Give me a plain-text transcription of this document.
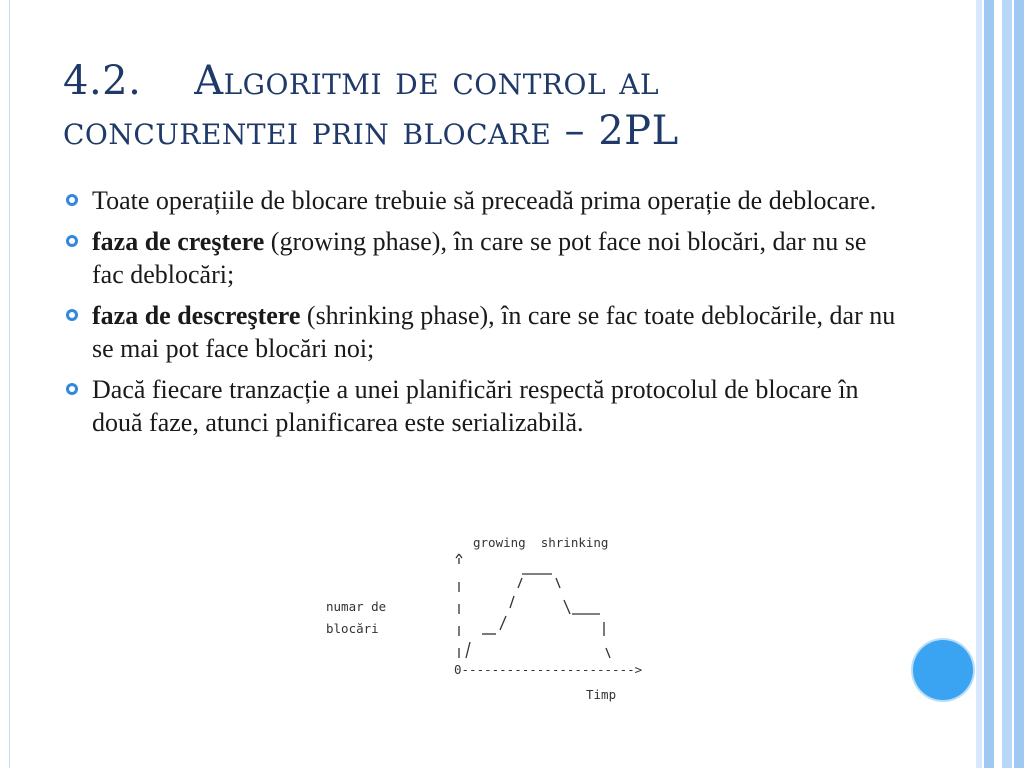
4.2.    Algoritmi de control al
concurentei prin blocare – 2PL
Toate operațiile de blocare trebuie să preceadă prima operație de deblocare.
faza de creştere (growing phase), în care se pot face noi blocări, dar nu se fac deblocări;
faza de descreştere (shrinking phase), în care se fac toate deblocările, dar nu se mai pot face blocări noi;
Dacă fiecare tranzacție a unei planificări respectă protocolul de blocare în două faze, atunci planificarea este serializabilă.
growing  shrinking
numar de
blocări
0----------------------->
Timp
